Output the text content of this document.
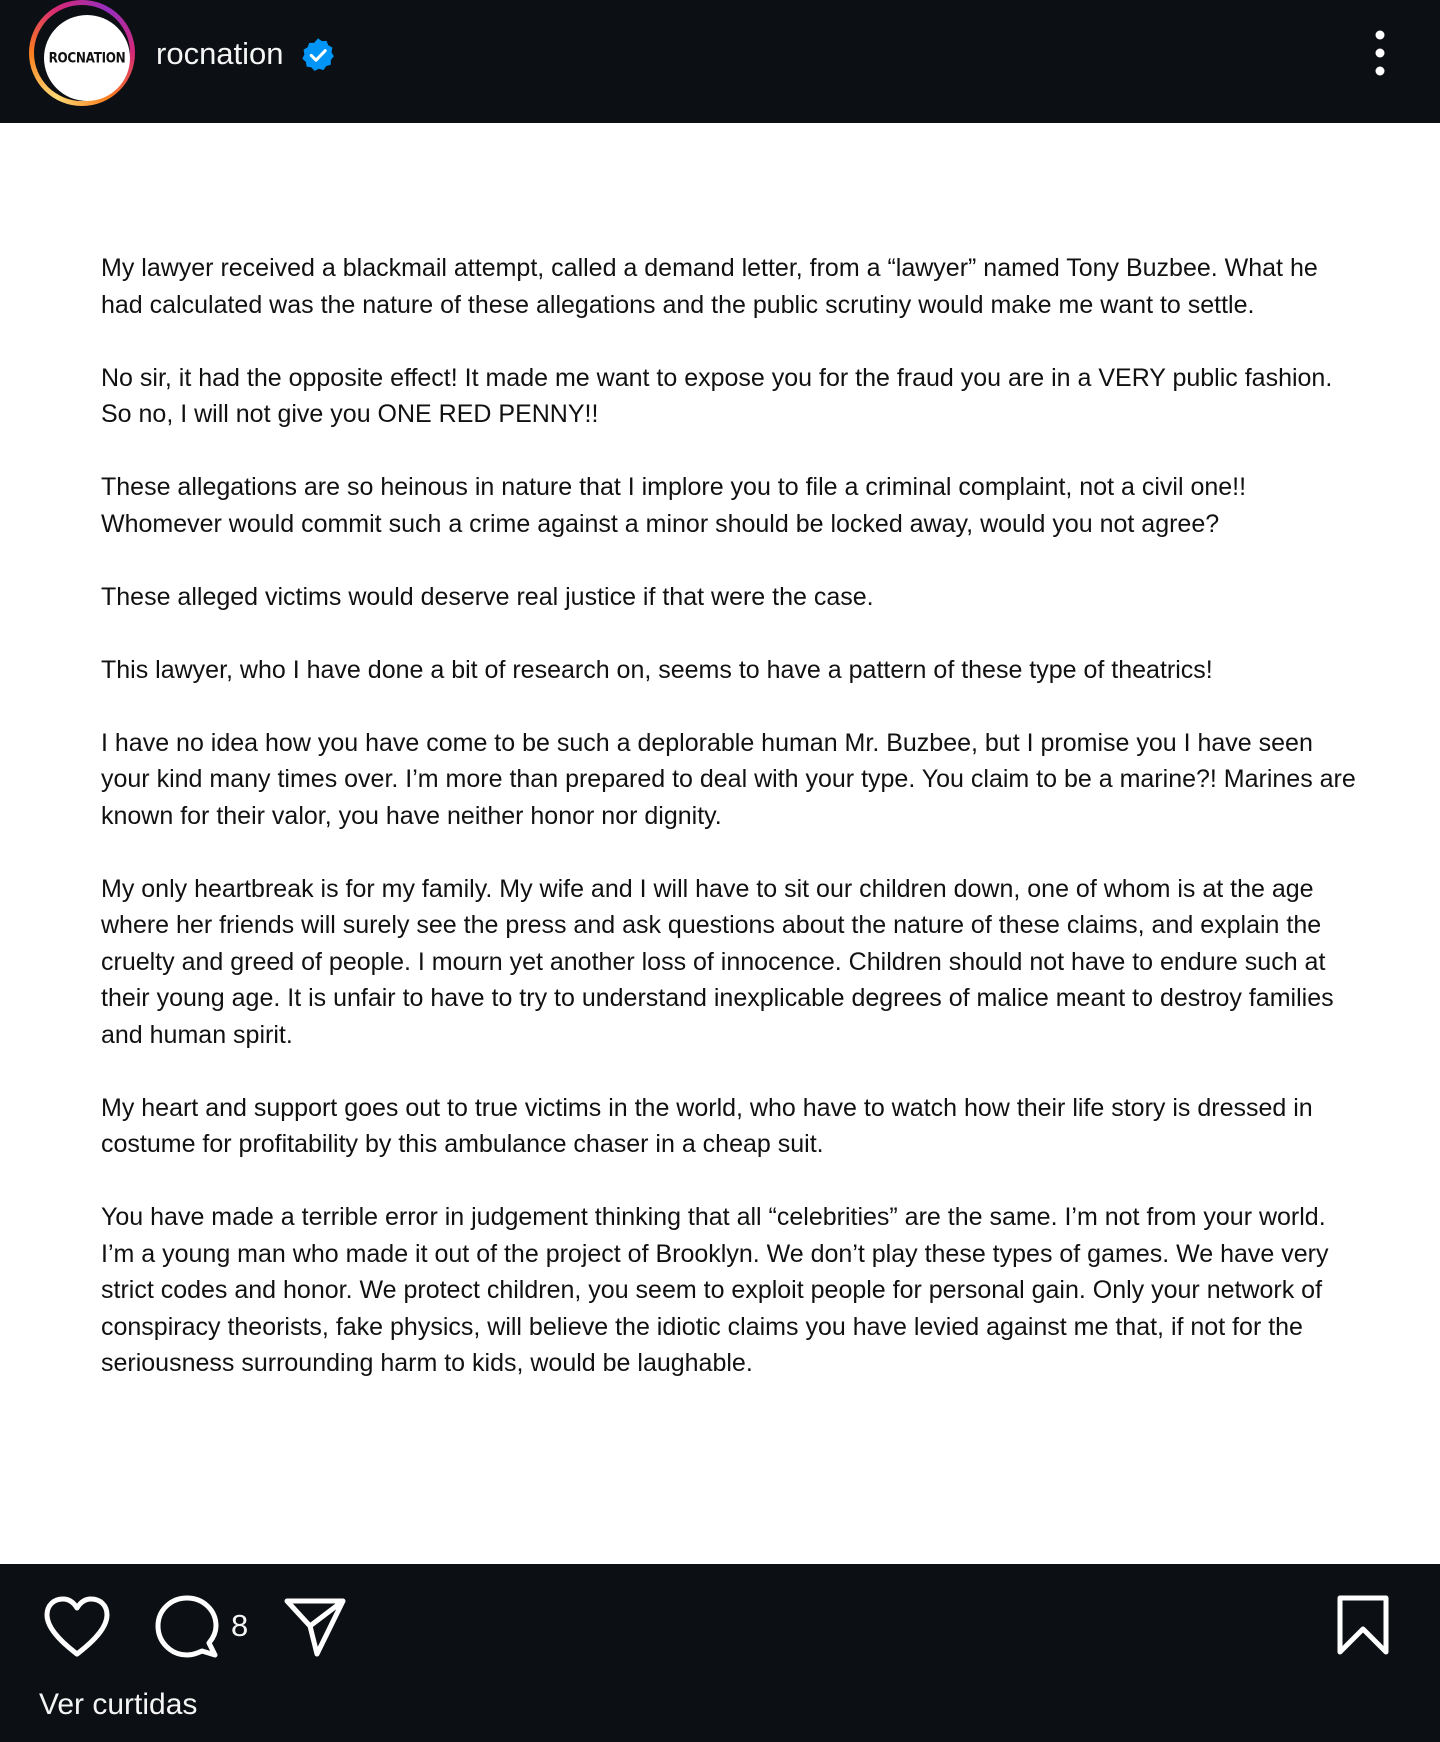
ROCNATION rocnation

My lawyer received a blackmail attempt, called a demand letter, from a “lawyer” named Tony Buzbee. What he had calculated was the nature of these allegations and the public scrutiny would make me want to settle.

No sir, it had the opposite effect! It made me want to expose you for the fraud you are in a VERY public fashion. So no, I will not give you ONE RED PENNY!!

These allegations are so heinous in nature that I implore you to file a criminal complaint, not a civil one!! Whomever would commit such a crime against a minor should be locked away, would you not agree?

These alleged victims would deserve real justice if that were the case.

This lawyer, who I have done a bit of research on, seems to have a pattern of these type of theatrics!

I have no idea how you have come to be such a deplorable human Mr. Buzbee, but I promise you I have seen your kind many times over. I’m more than prepared to deal with your type. You claim to be a marine?! Marines are known for their valor, you have neither honor nor dignity.

My only heartbreak is for my family. My wife and I will have to sit our children down, one of whom is at the age where her friends will surely see the press and ask questions about the nature of these claims, and explain the cruelty and greed of people. I mourn yet another loss of innocence. Children should not have to endure such at their young age. It is unfair to have to try to understand inexplicable degrees of malice meant to destroy families and human spirit.

My heart and support goes out to true victims in the world, who have to watch how their life story is dressed in costume for profitability by this ambulance chaser in a cheap suit.

You have made a terrible error in judgement thinking that all “celebrities” are the same. I’m not from your world. I’m a young man who made it out of the project of Brooklyn. We don’t play these types of games. We have very strict codes and honor. We protect children, you seem to exploit people for personal gain. Only your network of conspiracy theorists, fake physics, will believe the idiotic claims you have levied against me that, if not for the seriousness surrounding harm to kids, would be laughable.

8
Ver curtidas
